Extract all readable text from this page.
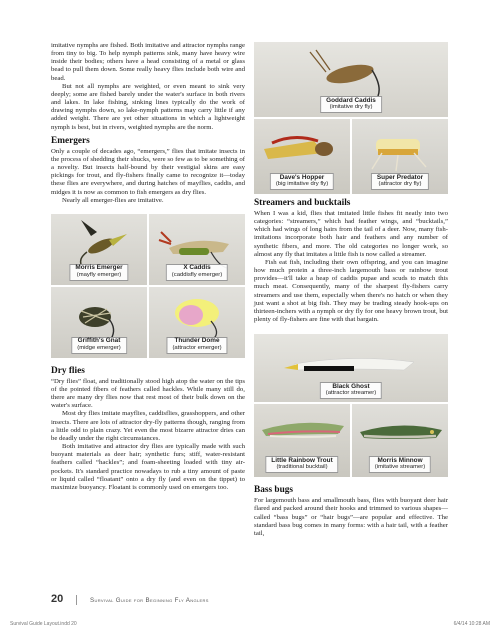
imitative nymphs are fished. Both imitative and attractor nymphs range from tiny to big. To help nymph patterns sink, many have heavy wire inside their bodies; others have a head consisting of a metal or glass bead to pull them down. Some really heavy flies include both wire and bead.

But not all nymphs are weighted, or even meant to sink very deeply; some are fished barely under the water's surface in both rivers and lakes. In lake fishing, sinking lines typically do the work of drawing nymphs down, so lake-nymph patterns may carry little if any added weight. There are yet other situations in which a lightweight nymph is best, but in rivers, weighted nymphs are the norm.

Emergers

Only a couple of decades ago, “emergers,” flies that imitate insects in the process of shedding their shucks, were so few as to be something of a novelty. But insects half-bound by their vestigial skins are easy pickings for trout, and fly-fishers finally came to recognize it—today these flies are everywhere, and during hatches of mayflies, caddis, and midges it is now as common to fish emergers as dry flies.

Nearly all emerger-flies are imitative.

Morris Emerger
(mayfly emerger)
X Caddis
(caddisfly emerger)
Griffith's Gnat
(midge emerger)
Thunder Dome
(attractor emerger)
Dry flies

“Dry flies” float, and traditionally stood high atop the water on the tips of the pointed fibers of feathers called hackles. While many still do, there are many dry flies now that rest most of their bulk down on the water's surface.

Most dry flies imitate mayflies, caddisflies, grasshoppers, and other insects. There are lots of attractor dry-fly patterns though, ranging from a little odd to plain crazy. Yet even the most bizarre attractor dries can be deadly under the right circumstances.

Both imitative and attractor dry flies are typically made with such buoyant materials as deer hair; synthetic furs; stiff, water-resistant feathers called “hackles”; and foam-sheeting loaded with tiny air-pockets. It's standard practice nowadays to rub a tiny amount of paste or liquid called “floatant” onto a dry fly (and even on the tippet) to maximize buoyancy. Floatant is commonly used on emergers too.

Goddard Caddis
(imitative dry fly)
Dave's Hopper
(big imitative dry fly)
Super Predator
(attractor dry fly)
Streamers and bucktails

When I was a kid, flies that imitated little fishes fit neatly into two categories: “streamers,” which had feather wings, and “bucktails,” which had wings of long hairs from the tail of a deer. Now, many fish-imitations incorporate both hair and feathers and any number of synthetic fibers, and more. The old categories no longer work, so almost any fly that imitates a little fish is now called a streamer.

Fish eat fish, including their own offspring, and you can imagine how much protein a three-inch largemouth bass or rainbow trout provides—it'll take a heap of caddis pupae and scuds to match this much meat. Consequently, many of the sharpest fly-fishers carry streamers and use them, especially when there's no hatch or when they just want a shot at big fish. They may be trading steady hook-ups on thirteen-inchers with a nymph or dry fly for one heavy brown trout, but plenty of fly-fishers are fine with that bargain.

Black Ghost
(attractor streamer)
Little Rainbow Trout
(traditional bucktail)
Morris Minnow
(imitative streamer)
Bass bugs

For largemouth bass and smallmouth bass, flies with buoyant deer hair flared and packed around their hooks and trimmed to various shapes—called “bass bugs” or “hair bugs”—are popular and effective. The standard bass bug comes in many forms: with a hair tail, with a feather tail,

20	Survival Guide for Beginning Fly Anglers
Survival Guide Layout.indd 20	6/4/14 10:28 AM
